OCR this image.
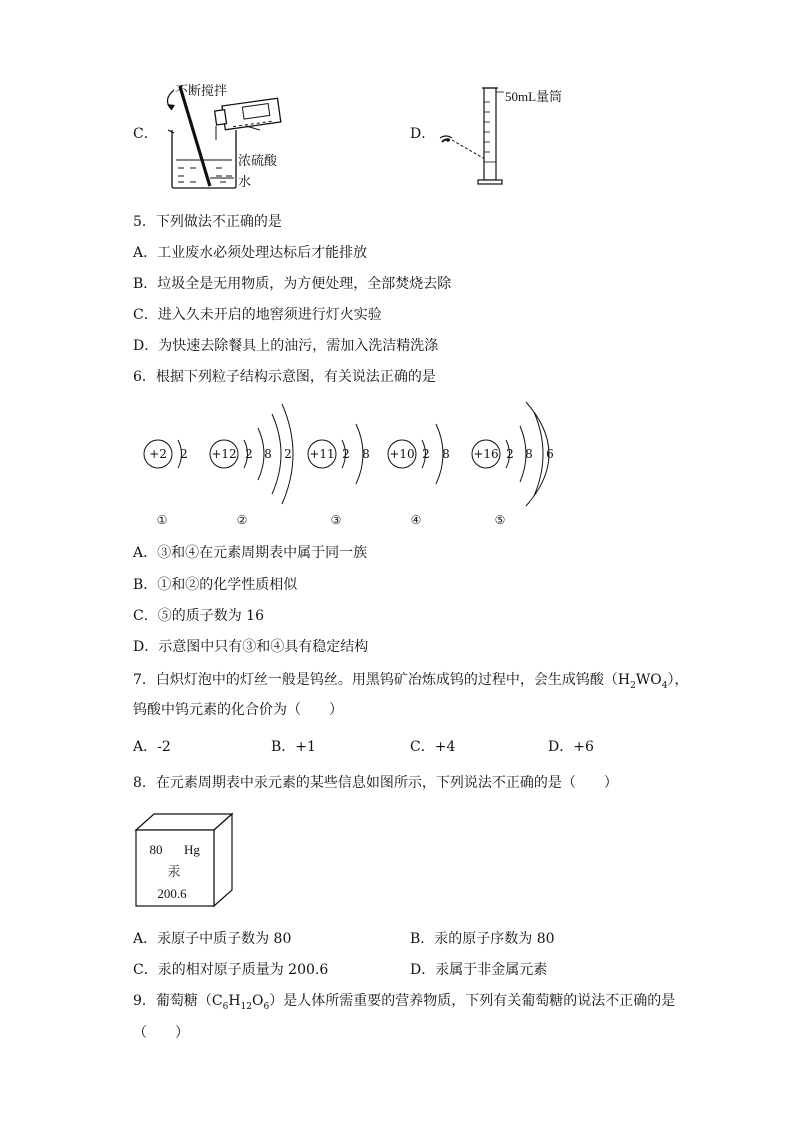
C．
不断搅拌
浓硫酸
水
D．
50mL量筒
5．下列做法不正确的是
A．工业废水必须处理达标后才能排放
B．垃圾全是无用物质，为方便处理，全部焚烧去除
C．进入久未开启的地窖须进行灯火实验
D．为快速去除餐具上的油污，需加入洗洁精洗涤
6．根据下列粒子结构示意图，有关说法正确的是
+2 2
①
+12 2 8 2
②
+11 2 8
③
+10 2 8
④
+16 2 8 6
⑤
A．③和④在元素周期表中属于同一族
B．①和②的化学性质相似
C．⑤的质子数为 16
D．示意图中只有③和④具有稳定结构
7．白炽灯泡中的灯丝一般是钨丝。用黑钨矿冶炼成钨的过程中，会生成钨酸$(H_2WO_4)$，
钨酸中钨元素的化合价为（　　）
A．-2	B．+1	C．+4	D．+6
8．在元素周期表中汞元素的某些信息如图所示，下列说法不正确的是（　　）
80 Hg
汞
200.6
A．汞原子中质子数为 80	B．汞的原子序数为 80
C．汞的相对原子质量为 200.6	D．汞属于非金属元素
9．葡萄糖$(C_6H_{12}O_6)$是人体所需重要的营养物质，下列有关葡萄糖的说法不正确的是
（　　）
